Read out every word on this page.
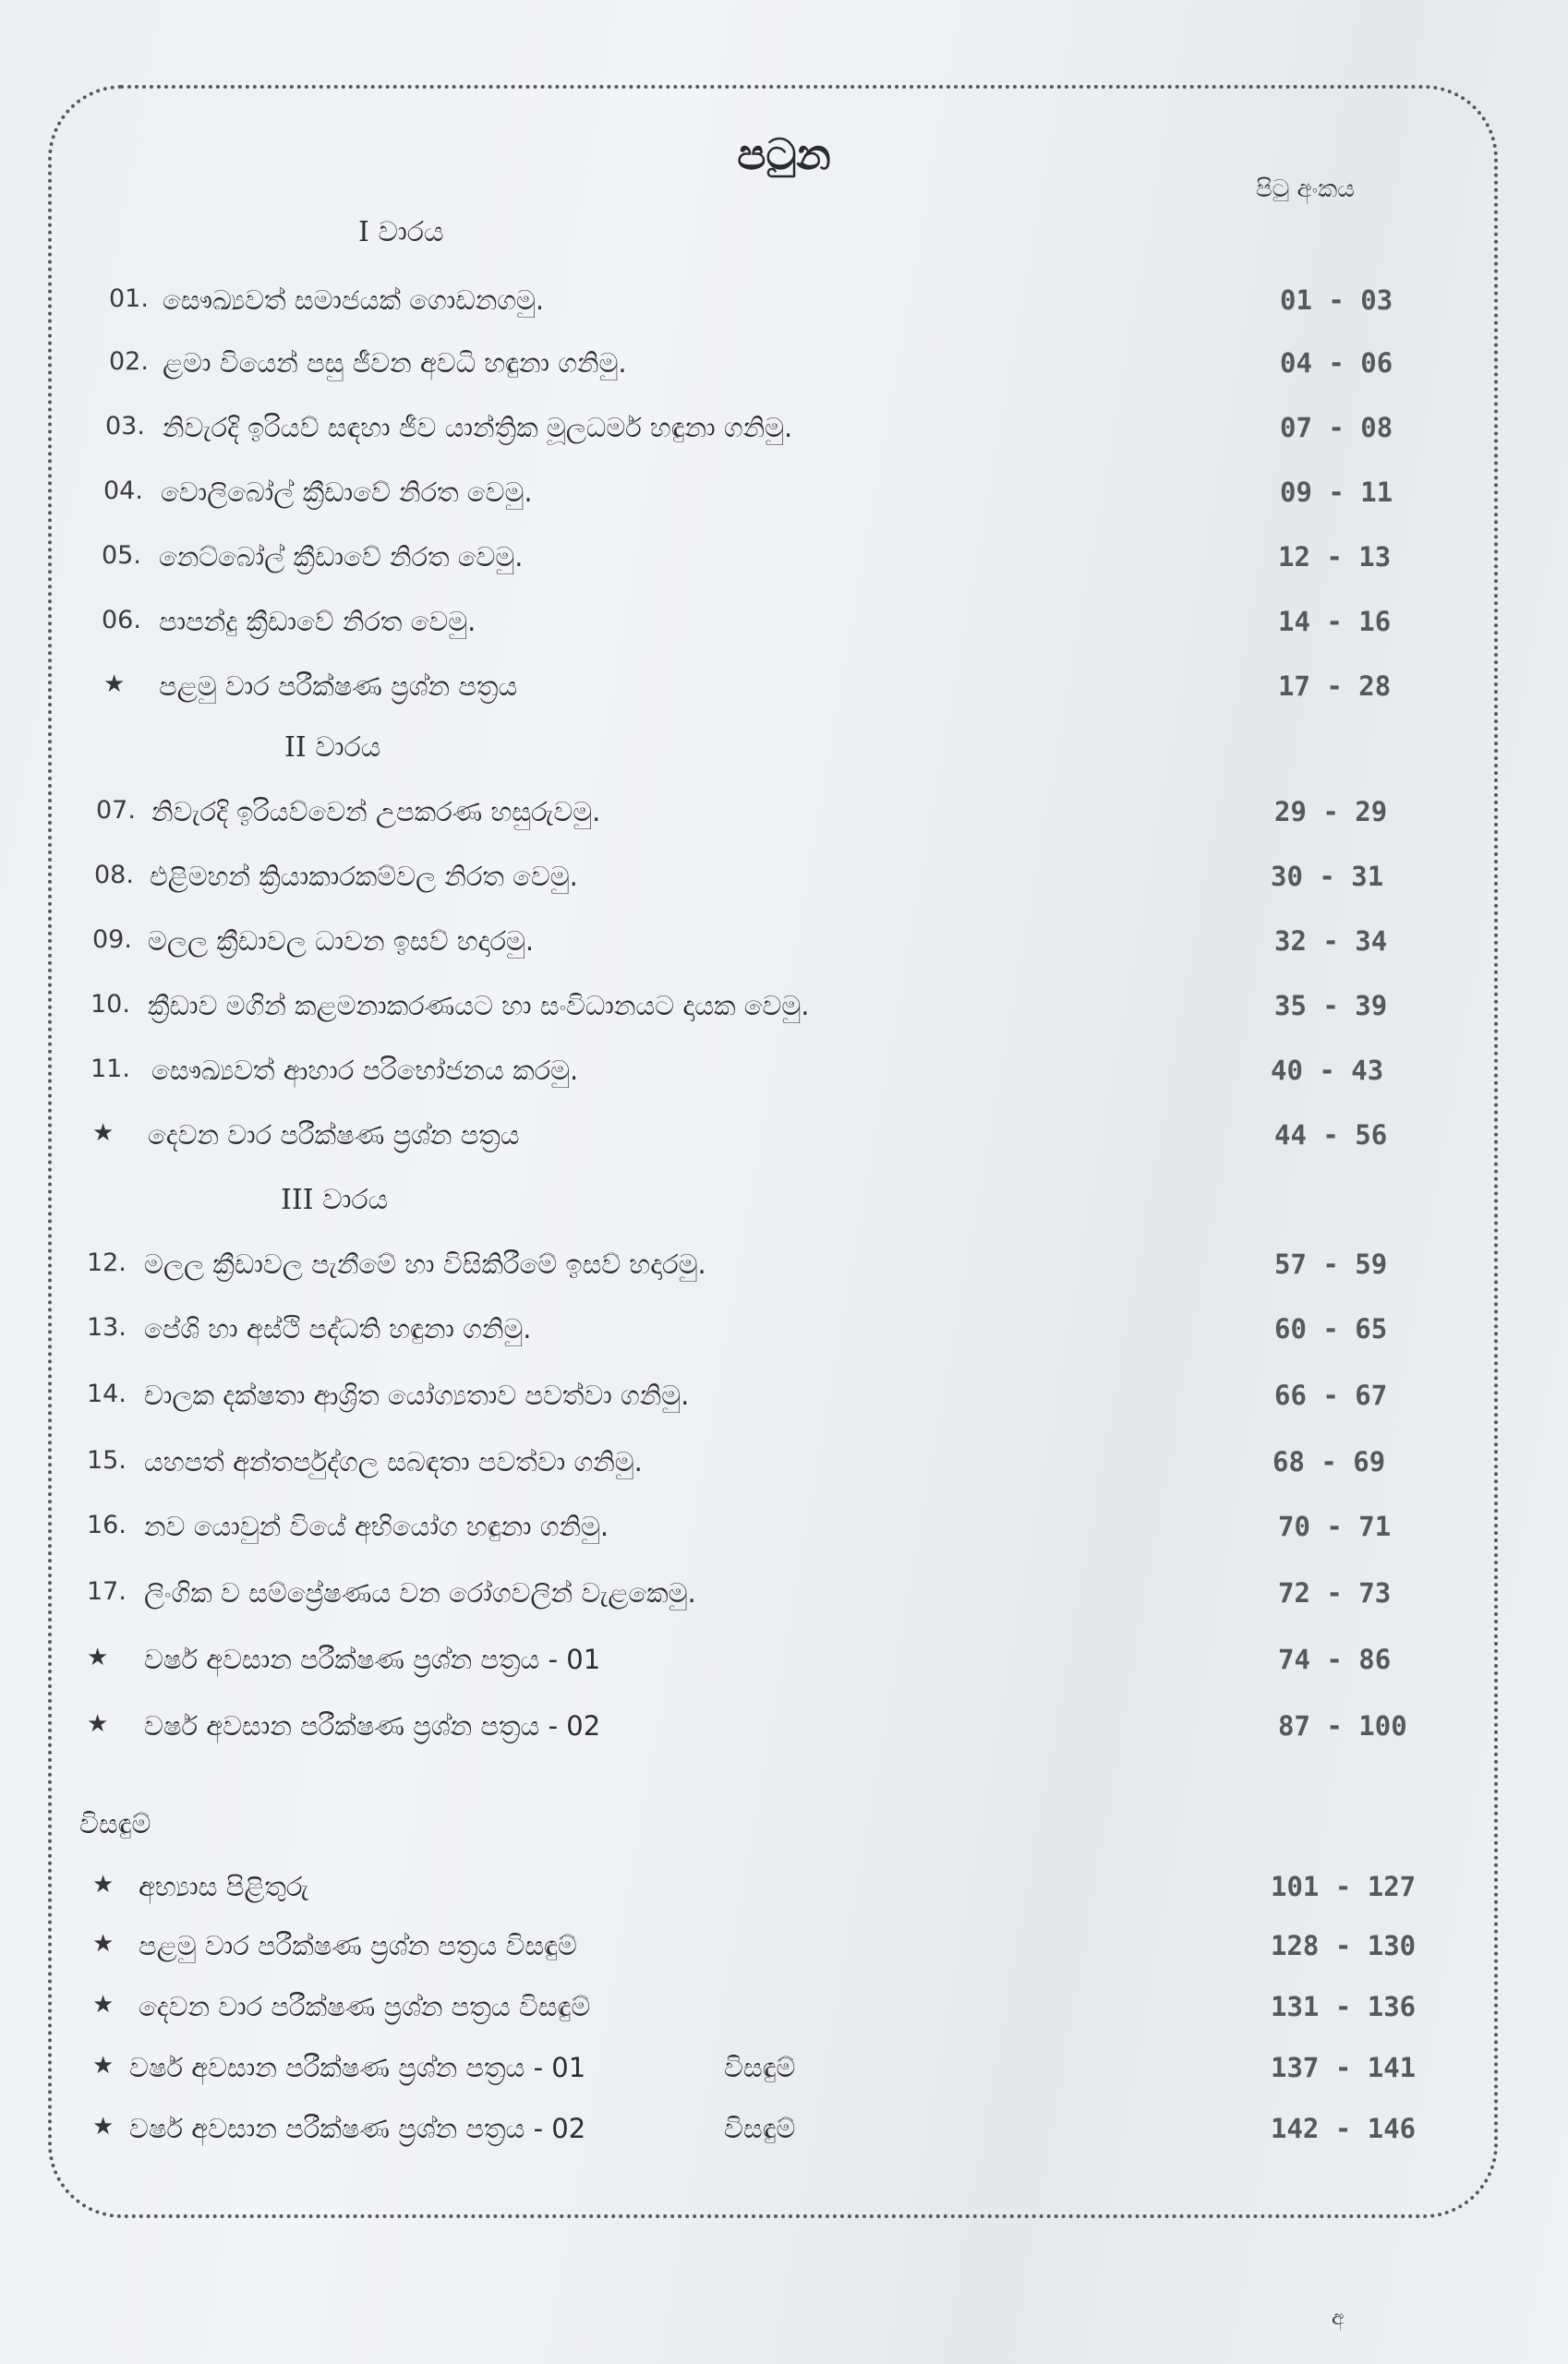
පටුන
පිටු අංකය
I වාරය
II වාරය
III වාරය
01. සෞඛ්‍යවත් සමාජයක් ගොඩනගමු.	01 - 03
02. ළමා වියෙන් පසු ජීවන අවධි හඳුනා ගනිමු.	04 - 06
03. නිවැරදි ඉරියව් සඳහා ජීව යාන්ත්‍රික මූලධර්ම හඳුනා ගනිමු.	07 - 08
04. වොලිබෝල් ක්‍රීඩාවේ නිරත වෙමු.	09 - 11
05. නෙට්බෝල් ක්‍රීඩාවේ නිරත වෙමු.	12 - 13
06. පාපන්දු ක්‍රීඩාවේ නිරත වෙමු.	14 - 16
★ පළමු වාර පරීක්ෂණ ප්‍රශ්න පත්‍රය	17 - 28
07. නිවැරදි ඉරියව්වෙන් උපකරණ හසුරුවමු.	29 - 29
08. එළිමහන් ක්‍රියාකාරකම්වල නිරත වෙමු.	30 - 31
09. මලල ක්‍රීඩාවල ධාවන ඉසව් හදාරමු.	32 - 34
10. ක්‍රීඩාව මගින් කළමනාකරණයට හා සංවිධානයට දායක වෙමු.	35 - 39
11. සෞඛ්‍යවත් ආහාර පරිභෝජනය කරමු.	40 - 43
★ දෙවන වාර පරීක්ෂණ ප්‍රශ්න පත්‍රය	44 - 56
12. මලල ක්‍රීඩාවල පැනීමේ හා විසිකිරීමේ ඉසව් හදාරමු.	57 - 59
13. පේශි හා අස්ථි පද්ධති හඳුනා ගනිමු.	60 - 65
14. චාලක දක්ෂතා ආශ්‍රිත යෝග්‍යතාව පවත්වා ගනිමු.	66 - 67
15. යහපත් අන්තර්පුද්ගල සබඳතා පවත්වා ගනිමු.	68 - 69
16. නව යොවුන් වියේ අභියෝග හඳුනා ගනිමු.	70 - 71
17. ලිංගික ව සම්ප්‍රේෂණය වන රෝගවලින් වැළකෙමු.	72 - 73
★ වර්ෂ අවසාන පරීක්ෂණ ප්‍රශ්න පත්‍රය - 01	74 - 86
★ වර්ෂ අවසාන පරීක්ෂණ ප්‍රශ්න පත්‍රය - 02	87 - 100
විසඳුම්
★ අභ්‍යාස පිළිතුරු	101 - 127
★ පළමු වාර පරීක්ෂණ ප්‍රශ්න පත්‍රය විසඳුම්	128 - 130
★ දෙවන වාර පරීක්ෂණ ප්‍රශ්න පත්‍රය විසඳුම්	131 - 136
★ වර්ෂ අවසාන පරීක්ෂණ ප්‍රශ්න පත්‍රය - 01	විසඳුම්	137 - 141
★ වර්ෂ අවසාන පරීක්ෂණ ප්‍රශ්න පත්‍රය - 02	විසඳුම්	142 - 146
අ
